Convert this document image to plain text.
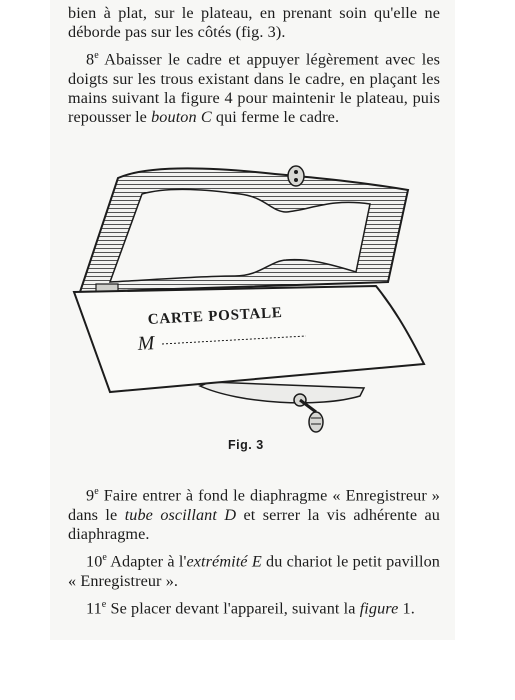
bien à plat, sur le plateau, en prenant soin qu'elle ne déborde pas sur les côtés (fig. 3).

8e Abaisser le cadre et appuyer légèrement avec les doigts sur les trous existant dans le cadre, en plaçant les mains suivant la figure 4 pour maintenir le plateau, puis repousser le bouton C qui ferme le cadre.

CARTE POSTALE
M
Fig. 3

9e Faire entrer à fond le diaphragme « Enregistreur » dans le tube oscillant D et serrer la vis adhérente au diaphragme.

10e Adapter à l'extrémité E du chariot le petit pavillon « Enregistreur ».

11e Se placer devant l'appareil, suivant la figure 1.
